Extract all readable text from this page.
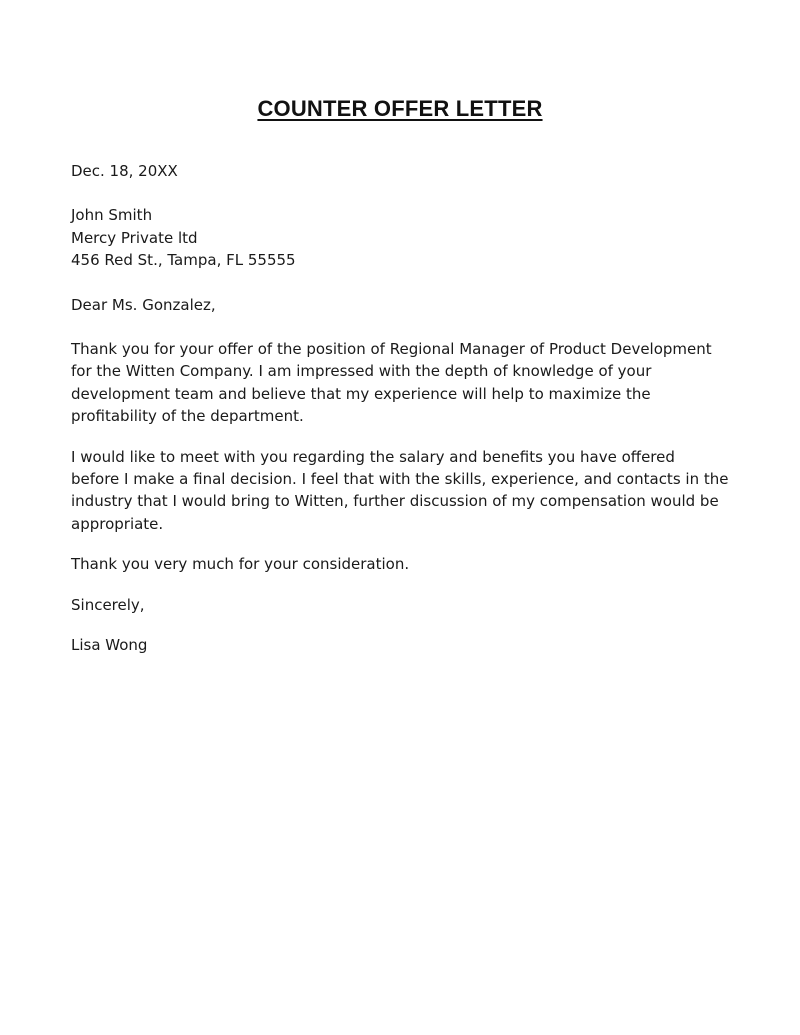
COUNTER OFFER LETTER
Dec. 18, 20XX
John Smith
Mercy Private ltd
456 Red St., Tampa, FL 55555
Dear Ms. Gonzalez,
Thank you for your offer of the position of Regional Manager of Product Development
for the Witten Company. I am impressed with the depth of knowledge of your
development team and believe that my experience will help to maximize the
profitability of the department.
I would like to meet with you regarding the salary and benefits you have offered
before I make a final decision. I feel that with the skills, experience, and contacts in the
industry that I would bring to Witten, further discussion of my compensation would be
appropriate.
Thank you very much for your consideration.
Sincerely,
Lisa Wong
